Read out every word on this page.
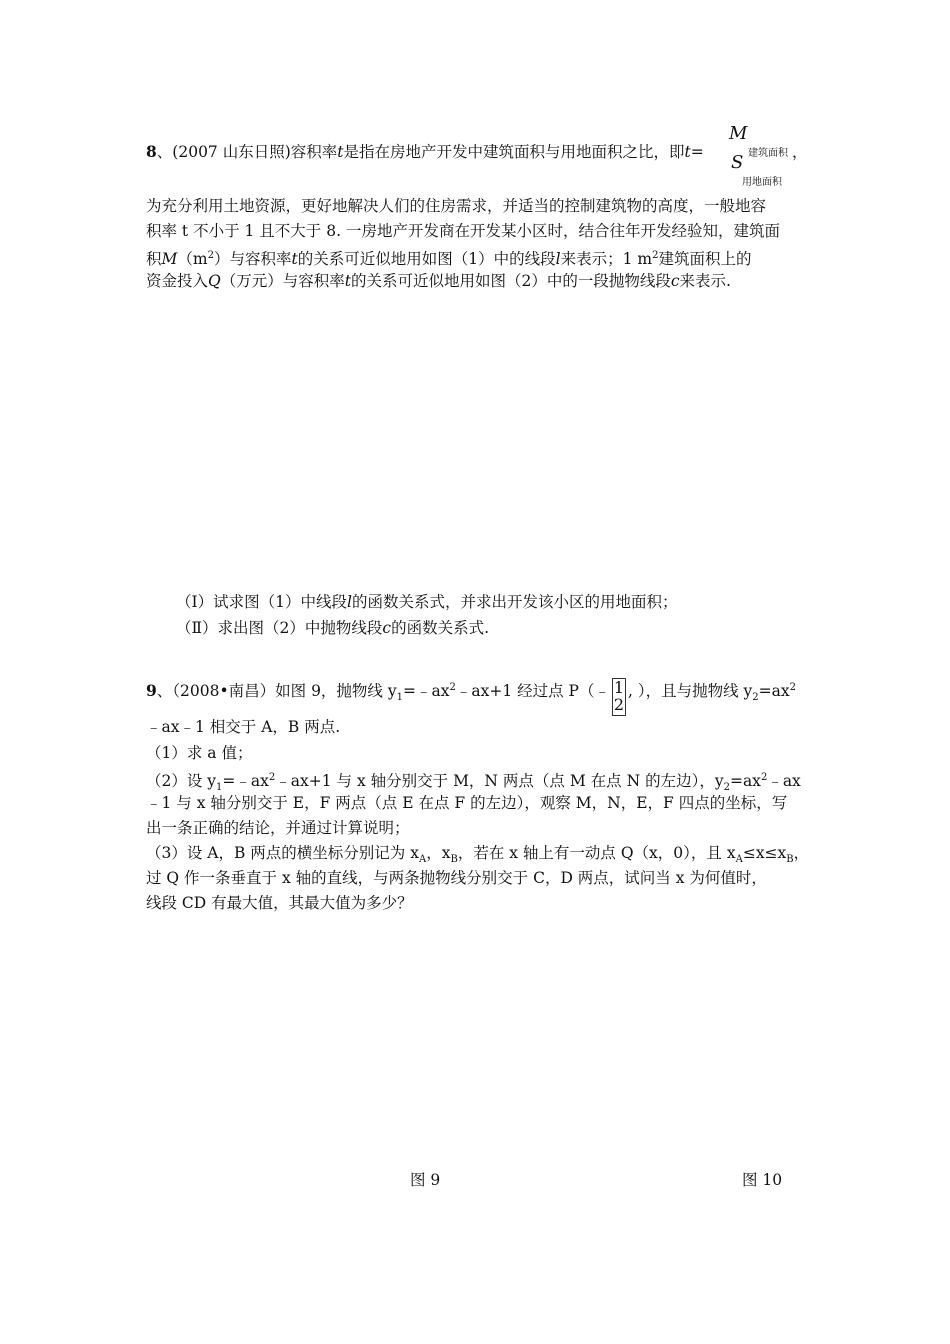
8、(2007 山东日照)容积率t是指在房地产开发中建筑面积与用地面积之比，即t=
M
S 建筑面积
用地面积
，
为充分利用土地资源，更好地解决人们的住房需求，并适当的控制建筑物的高度，一般地容
积率 t 不小于 1 且不大于 8. 一房地产开发商在开发某小区时，结合往年开发经验知，建筑面
积$M(m^2)$与容积率t的关系可近似地用如图（1）中的线段l来表示；1 $m^2$建筑面积上的
资金投入Q（万元）与容积率t的关系可近似地用如图（2）中的一段抛物线段c来表示.
（Ⅰ）试求图（1）中线段l的函数关系式，并求出开发该小区的用地面积；
（Ⅱ）求出图（2）中抛物线段c的函数关系式.
9、（2008•南昌）如图 9，抛物线 $y_1=﹣ax^2﹣ax+1$ 经过点 P（﹣ 1
2, ），且与抛物线 $y_2=ax^2$
﹣ax﹣1 相交于 A，B 两点.
（1）求 a 值；
（2）设 $y_1=﹣ax^2﹣ax+1$ 与 x 轴分别交于 M，N 两点（点 M 在点 N 的左边），$y_2=ax^2﹣ax$
﹣1 与 x 轴分别交于 E，F 两点（点 E 在点 F 的左边），观察 M，N，E，F 四点的坐标，写
出一条正确的结论，并通过计算说明；
（3）设 A，B 两点的横坐标分别记为 $x_A$，$x_B$，若在 x 轴上有一动点 Q（x，0），且 $x_A\le x\le x_B$，
过 Q 作一条垂直于 x 轴的直线，与两条抛物线分别交于 C，D 两点，试问当 x 为何值时，
线段 CD 有最大值，其最大值为多少？
图 9	图 10
